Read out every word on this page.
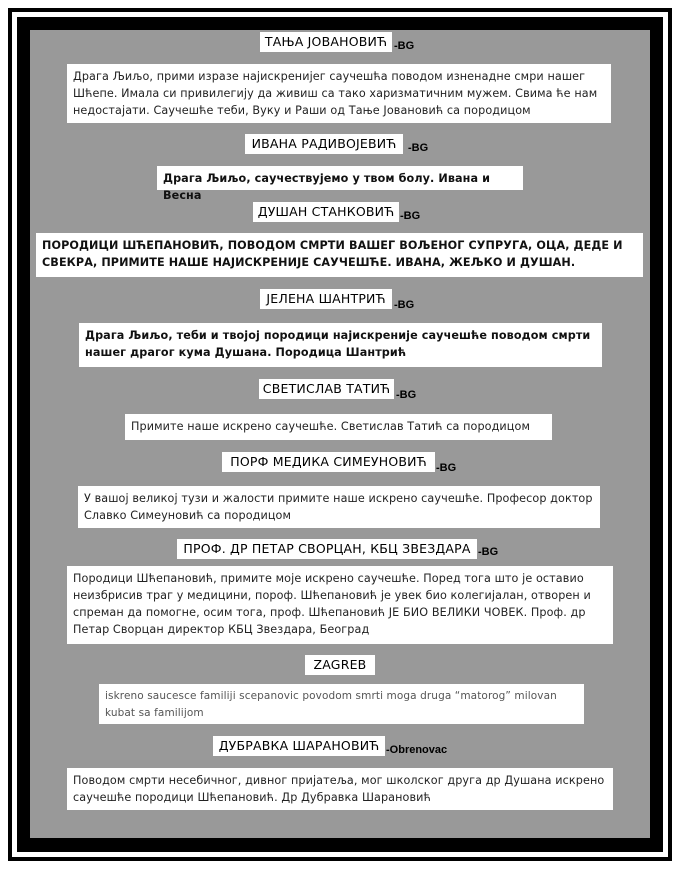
ТАЊА ЈОВАНОВИЋ -BG
Драга Љиљо, прими изразе најискренијег саучешћа поводом изненадне смри нашег Шћепе. Имала си привилегију да живиш са тако харизматичним мужем. Свима ће нам недостајати. Саучешће теби, Вуку и Раши од Тање Јовановић са породицом
ИВАНА РАДИВОЈЕВИЋ	-BG
Драга Љиљо, саучествујемо у твом болу. Ивана и Весна
ДУШАН СТАНКОВИЋ -BG
ПОРОДИЦИ ШЋЕПАНОВИЋ, ПОВОДОМ СМРТИ ВАШЕГ ВОЉЕНОГ СУПРУГА, ОЦА, ДЕДЕ И СВЕКРА, ПРИМИТЕ НАШЕ НАЈИСКРЕНИЈЕ САУЧЕШЋЕ. ИВАНА, ЖЕЉКО И ДУШАН.
ЈЕЛЕНА ШАНТРИЋ -BG
Драга Љиљо, теби и твојој породици најискреније саучешће поводом смрти нашег драгог кума Душана. Породица Шантрић
СВЕТИСЛАВ ТАТИЋ -BG
Примите наше искрено саучешће. Светислав Татић са породицом
ПОРФ МЕДИКА СИМЕУНОВИЋ -BG
У вашој великој тузи и жалости примите наше искрено саучешће. Професор доктор Славко Симеуновић са породицом
ПРОФ. ДР ПЕТАР СВОРЦАН, КБЦ ЗВЕЗДАРА -BG
Породици Шћепановић, примите моје искрено саучешће. Поред тога што је оставио неизбрисив траг у медицини, пороф. Шћепановић је увек био колегијалан, отворен и спреман да помогне, осим тога, проф. Шћепановић ЈЕ БИО ВЕЛИКИ ЧОВЕК. Проф. др Петар Сворцан директор КБЦ Звездара, Београд
ZAGREB
iskreno saucesce familiji scepanovic povodom smrti moga druga “matorog” milovan kubat sa familijom
ДУБРАВКА ШАРАНОВИЋ -Obrenovac
Поводом смрти несебичног, дивног пријатеља, мог школског друга др Душана искрено саучешће породици Шћепановић. Др Дубравка Шарановић
